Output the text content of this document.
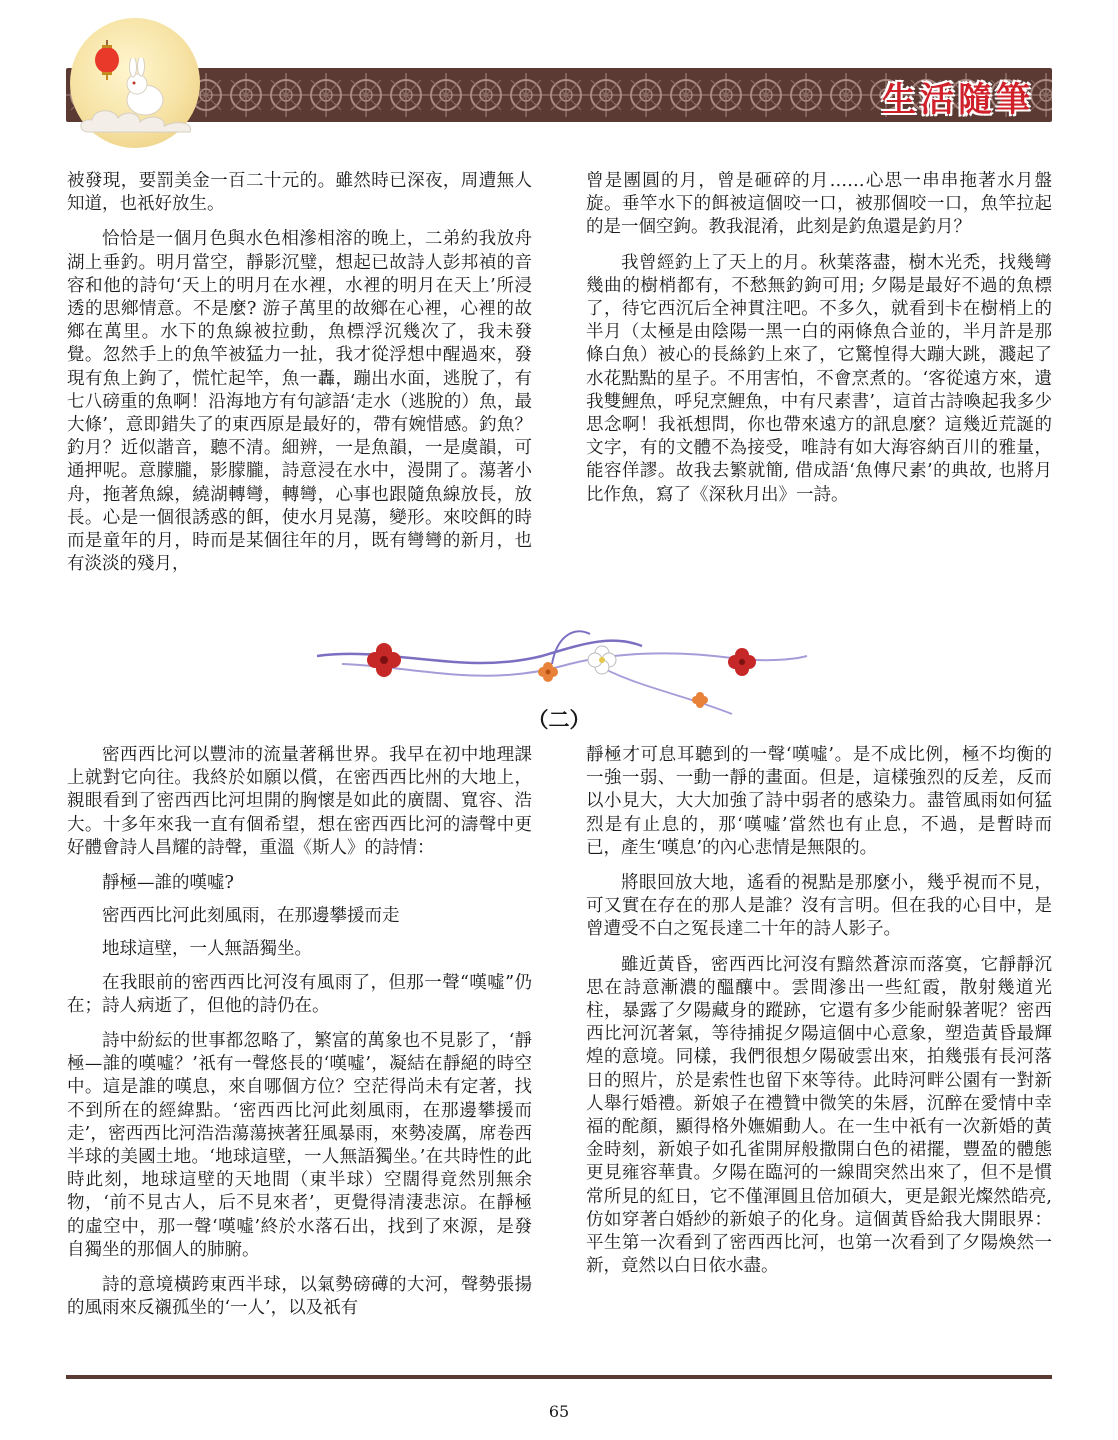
生活隨筆

被發現，要罰美金一百二十元的。雖然時已深夜，周遭無人知道，也祇好放生。

恰恰是一個月色與水色相滲相溶的晚上，二弟約我放舟湖上垂釣。明月當空，靜影沉璧，想起已故詩人彭邦禎的音容和他的詩句‘天上的明月在水裡，水裡的明月在天上’所浸透的思鄉情意。不是麼? 游子萬里的故鄉在心裡，心裡的故鄉在萬里。水下的魚線被拉動，魚標浮沉幾次了，我未發覺。忽然手上的魚竿被猛力一扯，我才從浮想中醒過來，發現有魚上鉤了，慌忙起竿，魚一轟，蹦出水面，逃脫了，有七八磅重的魚啊！沿海地方有句諺語‘走水（逃脫的）魚，最大條’，意即錯失了的東西原是最好的，帶有婉惜感。釣魚？釣月？近似諧音，聽不清。細辨，一是魚韻，一是虞韻，可通押呢。意朦朧，影朦朧，詩意浸在水中，漫開了。蕩著小舟，拖著魚線，繞湖轉彎，轉彎，心事也跟隨魚線放長，放長。心是一個很誘惑的餌，使水月晃蕩，變形。來咬餌的時而是童年的月，時而是某個往年的月，既有彎彎的新月，也有淡淡的殘月，

曾是團圓的月，曾是砸碎的月……心思一串串拖著水月盤旋。垂竿水下的餌被這個咬一口，被那個咬一口，魚竿拉起的是一個空鉤。教我混淆，此刻是釣魚還是釣月？

我曾經釣上了天上的月。秋葉落盡，樹木光禿，找幾彎幾曲的樹梢都有，不愁無釣鉤可用; 夕陽是最好不過的魚標了，待它西沉后全神貫注吧。不多久，就看到卡在樹梢上的半月（太極是由陰陽一黑一白的兩條魚合並的，半月許是那條白魚）被心的長絲釣上來了，它驚惶得大蹦大跳，濺起了水花點點的星子。不用害怕，不會烹煮的。‘客從遠方來，遺我雙鯉魚，呼兒烹鯉魚，中有尺素書’，這首古詩喚起我多少思念啊！我祇想問，你也帶來遠方的訊息麼？這幾近荒誕的文字，有的文體不為接受，唯詩有如大海容納百川的雅量，能容佯謬。故我去繁就簡, 借成語‘魚傳尺素’的典故, 也將月比作魚，寫了《深秋月出》一詩。

（二）

密西西比河以豐沛的流量著稱世界。我早在初中地理課上就對它向往。我終於如願以償，在密西西比州的大地上，親眼看到了密西西比河坦開的胸懷是如此的廣闊、寬容、浩大。十多年來我一直有個希望，想在密西西比河的濤聲中更好體會詩人昌耀的詩聲，重溫《斯人》的詩情：

靜極—誰的嘆噓?

密西西比河此刻風雨，在那邊攀援而走

地球這壁，一人無語獨坐。

在我眼前的密西西比河沒有風雨了，但那一聲“嘆噓”仍在；詩人病逝了，但他的詩仍在。

詩中紛紜的世事都忽略了，繁富的萬象也不見影了，‘靜極—誰的嘆噓？’祇有一聲悠長的‘嘆噓’，凝結在靜絕的時空中。這是誰的嘆息，來自哪個方位？空茫得尚未有定著，找不到所在的經緯點。‘密西西比河此刻風雨，在那邊攀援而走’，密西西比河浩浩蕩蕩挾著狂風暴雨，來勢凌厲，席卷西半球的美國土地。‘地球這壁，一人無語獨坐。’在共時性的此時此刻，地球這壁的天地間（東半球）空闊得竟然別無余物，‘前不見古人，后不見來者’，更覺得清淒悲涼。在靜極的虛空中，那一聲‘嘆噓’終於水落石出，找到了來源，是發自獨坐的那個人的肺腑。

詩的意境橫跨東西半球，以氣勢磅礡的大河，聲勢張揚的風雨來反襯孤坐的‘一人’，以及祇有

靜極才可息耳聽到的一聲‘嘆噓’。是不成比例，極不均衡的一強一弱、一動一靜的畫面。但是，這樣強烈的反差，反而以小見大，大大加強了詩中弱者的感染力。盡管風雨如何猛烈是有止息的，那‘嘆噓’當然也有止息，不過，是暫時而已，產生‘嘆息’的內心悲情是無限的。

將眼回放大地，遙看的視點是那麼小，幾乎視而不見，可又實在存在的那人是誰？沒有言明。但在我的心目中，是曾遭受不白之冤長達二十年的詩人影子。

雖近黃昏，密西西比河沒有黯然蒼涼而落寞，它靜靜沉思在詩意漸濃的醞釀中。雲間滲出一些紅霞，散射幾道光柱，暴露了夕陽藏身的蹤跡，它還有多少能耐躲著呢？密西西比河沉著氣，等待捕捉夕陽這個中心意象，塑造黃昏最輝煌的意境。同樣，我們很想夕陽破雲出來，拍幾張有長河落日的照片，於是索性也留下來等待。此時河畔公園有一對新人舉行婚禮。新娘子在禮贊中微笑的朱唇，沉醉在愛情中幸福的酡顏，顯得格外嫵媚動人。在一生中祇有一次新婚的黃金時刻，新娘子如孔雀開屏般撒開白色的裙擺，豐盈的體態更見雍容華貴。夕陽在臨河的一線間突然出來了，但不是慣常所見的紅日，它不僅渾圓且倍加碩大，更是銀光燦然皓亮, 仿如穿著白婚紗的新娘子的化身。這個黃昏給我大開眼界：平生第一次看到了密西西比河，也第一次看到了夕陽煥然一新，竟然以白日依水盡。

65
